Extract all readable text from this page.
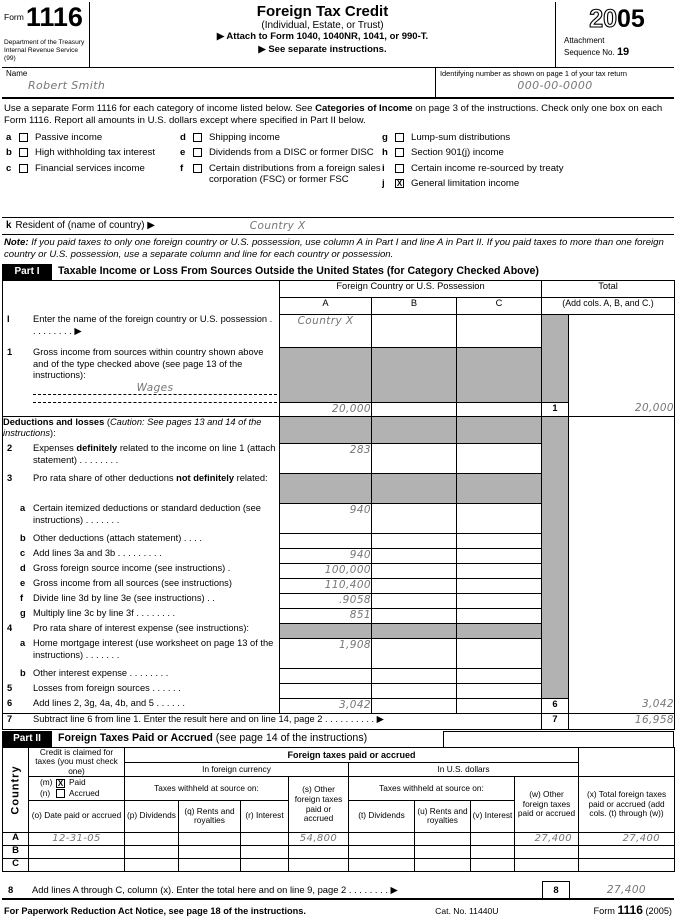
Form 1116
Department of the Treasury
Internal Revenue Service (99)
Foreign Tax Credit
(Individual, Estate, or Trust)
▶ Attach to Form 1040, 1040NR, 1041, or 990-T.
▶ See separate instructions.
2005
Attachment
Sequence No. 19
Name
Robert Smith
Identifying number as shown on page 1 of your tax return
000-00-0000
Use a separate Form 1116 for each category of income listed below. See Categories of Income on page 3 of the instructions. Check only one box on each Form 1116. Report all amounts in U.S. dollars except where specified in Part II below.
a	Passive income
b	High withholding tax interest
c	Financial services income
d	Shipping income
e	Dividends from a DISC or former DISC
f	Certain distributions from a foreign sales corporation (FSC) or former FSC
g	Lump-sum distributions
h	Section 901(j) income
i	Certain income re-sourced by treaty
j	X General limitation income
k Resident of (name of country) ▶	Country X
Note: If you paid taxes to only one foreign country or U.S. possession, use column A in Part I and line A in Part II. If you paid taxes to more than one foreign country or U.S. possession, use a separate column and line for each country or possession.
Part I	Taxable Income or Loss From Sources Outside the United States (for Category Checked Above)
	Foreign Country or U.S. Possession			Total	
	A	B	C	(Add cols. A, B, and C.)	

I Enter the name of the foreign country or U.S. possession . . . . . . . . . ▶	Country X				

1 Gross income from sources within country shown above and of the type checked above (see page 13 of the instructions):
Wages					

	20,000			1	20,000

Deductions and losses (Caution: See pages 13 and 14 of the instructions):					

2 Expenses definitely related to the income on line 1 (attach statement) . . . . . . . .	283				

3 Pro rata share of other deductions not definitely related:					

a Certain itemized deductions or standard deduction (see instructions) . . . . . . .	940				

b Other deductions (attach statement) . . . .					

c Add lines 3a and 3b . . . . . . . . .	940				

d Gross foreign source income (see instructions) .	100,000				

e Gross income from all sources (see instructions)	110,400				

f Divide line 3d by line 3e (see instructions) . .	.9058				

g Multiply line 3c by line 3f . . . . . . . .	851				

4 Pro rata share of interest expense (see instructions):					

a Home mortgage interest (use worksheet on page 13 of the instructions) . . . . . . .	1,908				

b Other interest expense . . . . . . . .					

5 Losses from foreign sources . . . . . .					

6 Add lines 2, 3g, 4a, 4b, and 5 . . . . . .	3,042			6	3,042

7 Subtract line 6 from line 1. Enter the result here and on line 14, page 2 . . . . . . . . . . ▶				7	16,958
Part II	Foreign Taxes Paid or Accrued (see page 14 of the instructions)
Country	Credit is claimed for taxes (you must check one)	Foreign taxes paid or accrued								
		In foreign currency				In U.S. dollars				

	(m) X Paid
(n) Accrued	Taxes withheld at source on:			(s) Other foreign taxes paid or accrued	Taxes withheld at source on:			(w) Other foreign taxes paid or accrued	(x) Total foreign taxes paid or accrued (add cols. (t) through (w))
	(o) Date paid or accrued	(p) Dividends	(q) Rents and royalties	(r) Interest		(t) Dividends	(u) Rents and royalties	(v) Interest		
A	12-31-05				54,800				27,400	27,400
B										
C										
8	Add lines A through C, column (x). Enter the total here and on line 9, page 2 . . . . . . . . ▶	8	27,400
For Paperwork Reduction Act Notice, see page 18 of the instructions.	Cat. No. 11440U	Form 1116 (2005)
